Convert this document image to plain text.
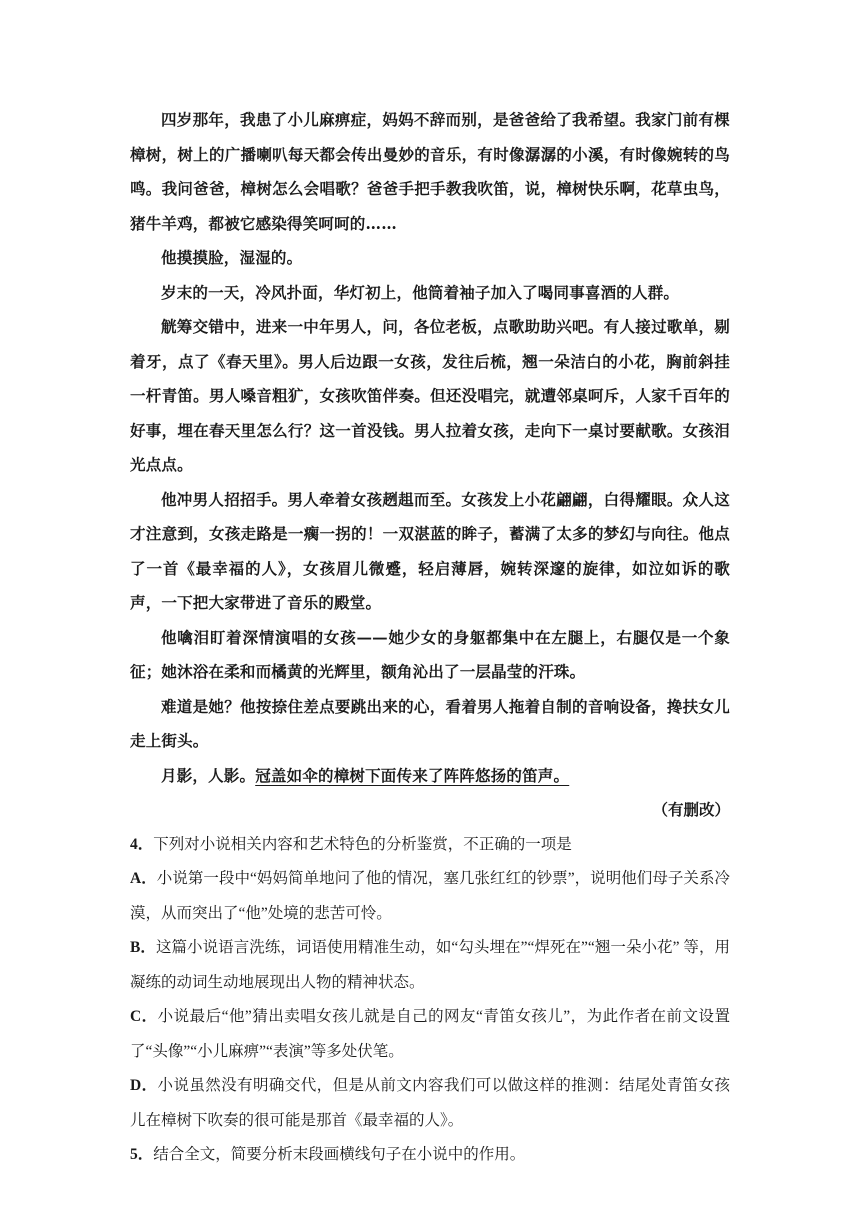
四岁那年，我患了小儿麻痹症，妈妈不辞而别，是爸爸给了我希望。我家门前有棵樟树，树上的广播喇叭每天都会传出曼妙的音乐，有时像潺潺的小溪，有时像婉转的鸟鸣。我问爸爸，樟树怎么会唱歌？爸爸手把手教我吹笛，说，樟树快乐啊，花草虫鸟，猪牛羊鸡，都被它感染得笑呵呵的……

他摸摸脸，湿湿的。

岁末的一天，冷风扑面，华灯初上，他筒着袖子加入了喝同事喜酒的人群。

觥筹交错中，进来一中年男人，问，各位老板，点歌助助兴吧。有人接过歌单，剔着牙，点了《春天里》。男人后边跟一女孩，发往后梳，翘一朵洁白的小花，胸前斜挂一杆青笛。男人嗓音粗犷，女孩吹笛伴奏。但还没唱完，就遭邻桌呵斥，人家千百年的好事，埋在春天里怎么行？这一首没钱。男人拉着女孩，走向下一桌讨要献歌。女孩泪光点点。

他冲男人招招手。男人牵着女孩趔趄而至。女孩发上小花翩翩，白得耀眼。众人这才注意到，女孩走路是一瘸一拐的！一双湛蓝的眸子，蓄满了太多的梦幻与向往。他点了一首《最幸福的人》，女孩眉儿微蹙，轻启薄唇，婉转深邃的旋律，如泣如诉的歌声，一下把大家带进了音乐的殿堂。

他噙泪盯着深情演唱的女孩——她少女的身躯都集中在左腿上，右腿仅是一个象征；她沐浴在柔和而橘黄的光辉里，额角沁出了一层晶莹的汗珠。

难道是她？他按捺住差点要跳出来的心，看着男人拖着自制的音响设备，搀扶女儿走上街头。

月影，人影。冠盖如伞的樟树下面传来了阵阵悠扬的笛声。

（有删改）

4．下列对小说相关内容和艺术特色的分析鉴赏，不正确的一项是

A．小说第一段中“妈妈简单地问了他的情况，塞几张红红的钞票”，说明他们母子关系冷漠，从而突出了“他”处境的悲苦可怜。

B．这篇小说语言洗练，词语使用精准生动，如“勾头埋在”“焊死在”“翘一朵小花” 等，用凝练的动词生动地展现出人物的精神状态。

C．小说最后“他”猜出卖唱女孩儿就是自己的网友“青笛女孩儿”，为此作者在前文设置了“头像”“小儿麻痹”“表演”等多处伏笔。

D．小说虽然没有明确交代，但是从前文内容我们可以做这样的推测：结尾处青笛女孩儿在樟树下吹奏的很可能是那首《最幸福的人》。

5．结合全文，简要分析末段画横线句子在小说中的作用。
